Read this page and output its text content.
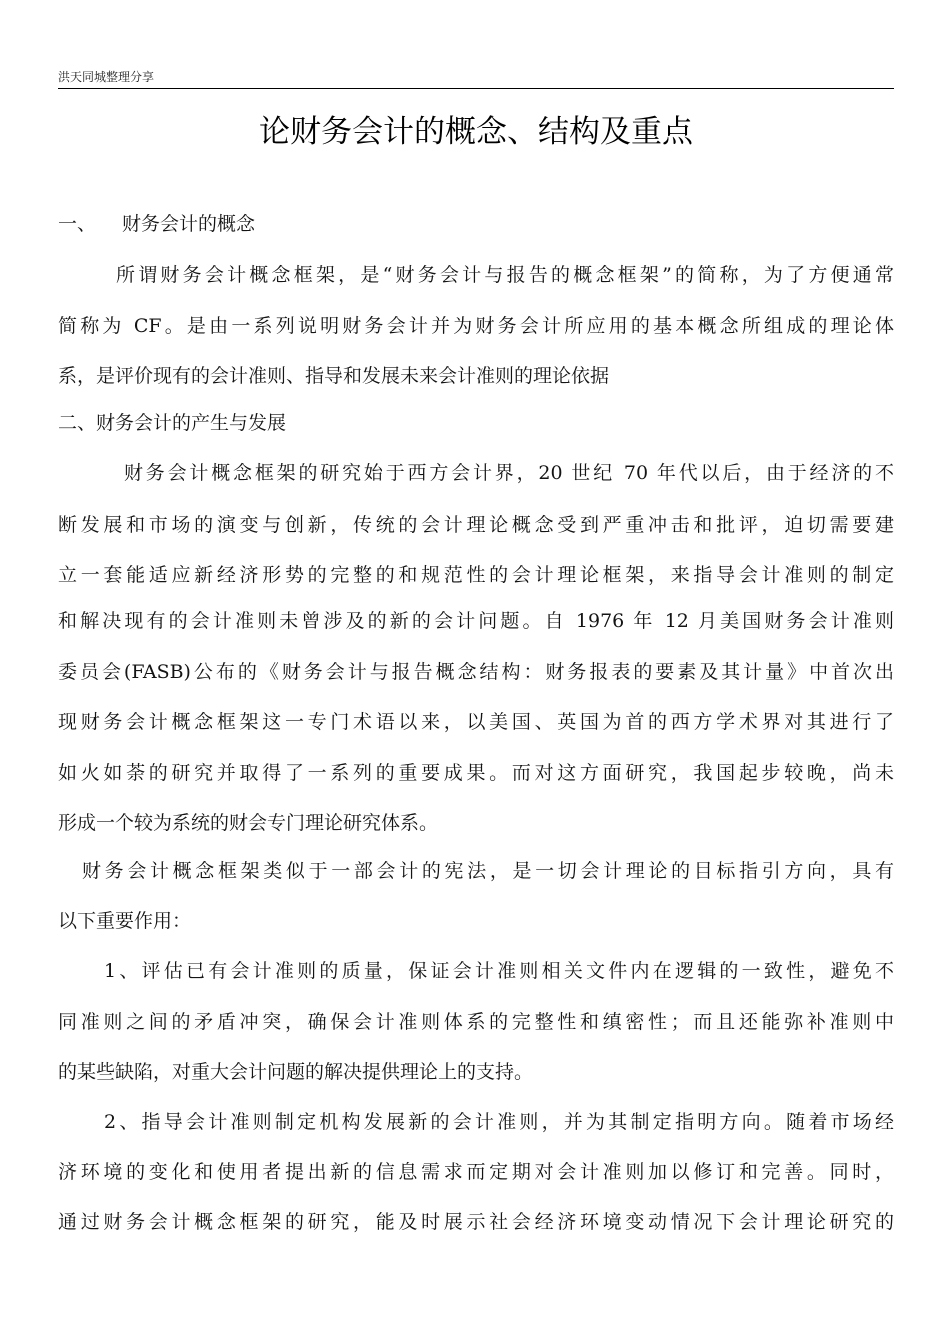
洪天同城整理分享
论财务会计的概念、结构及重点
一、 财务会计的概念
所谓财务会计概念框架，是“财务会计与报告的概念框架”的简称，为了方便通常
简称为 CF。是由一系列说明财务会计并为财务会计所应用的基本概念所组成的理论体
系，是评价现有的会计准则、指导和发展未来会计准则的理论依据
二、财务会计的产生与发展
财务会计概念框架的研究始于西方会计界，20 世纪 70 年代以后，由于经济的不
断发展和市场的演变与创新，传统的会计理论概念受到严重冲击和批评，迫切需要建
立一套能适应新经济形势的完整的和规范性的会计理论框架，来指导会计准则的制定
和解决现有的会计准则未曾涉及的新的会计问题。自 1976 年 12 月美国财务会计准则
委员会(FASB)公布的《财务会计与报告概念结构：财务报表的要素及其计量》中首次出
现财务会计概念框架这一专门术语以来，以美国、英国为首的西方学术界对其进行了
如火如荼的研究并取得了一系列的重要成果。而对这方面研究，我国起步较晚，尚未
形成一个较为系统的财会专门理论研究体系。
财务会计概念框架类似于一部会计的宪法，是一切会计理论的目标指引方向，具有
以下重要作用：
1、评估已有会计准则的质量，保证会计准则相关文件内在逻辑的一致性，避免不
同准则之间的矛盾冲突，确保会计准则体系的完整性和缜密性；而且还能弥补准则中
的某些缺陷，对重大会计问题的解决提供理论上的支持。
2、指导会计准则制定机构发展新的会计准则，并为其制定指明方向。随着市场经
济环境的变化和使用者提出新的信息需求而定期对会计准则加以修订和完善。同时，
通过财务会计概念框架的研究，能及时展示社会经济环境变动情况下会计理论研究的
